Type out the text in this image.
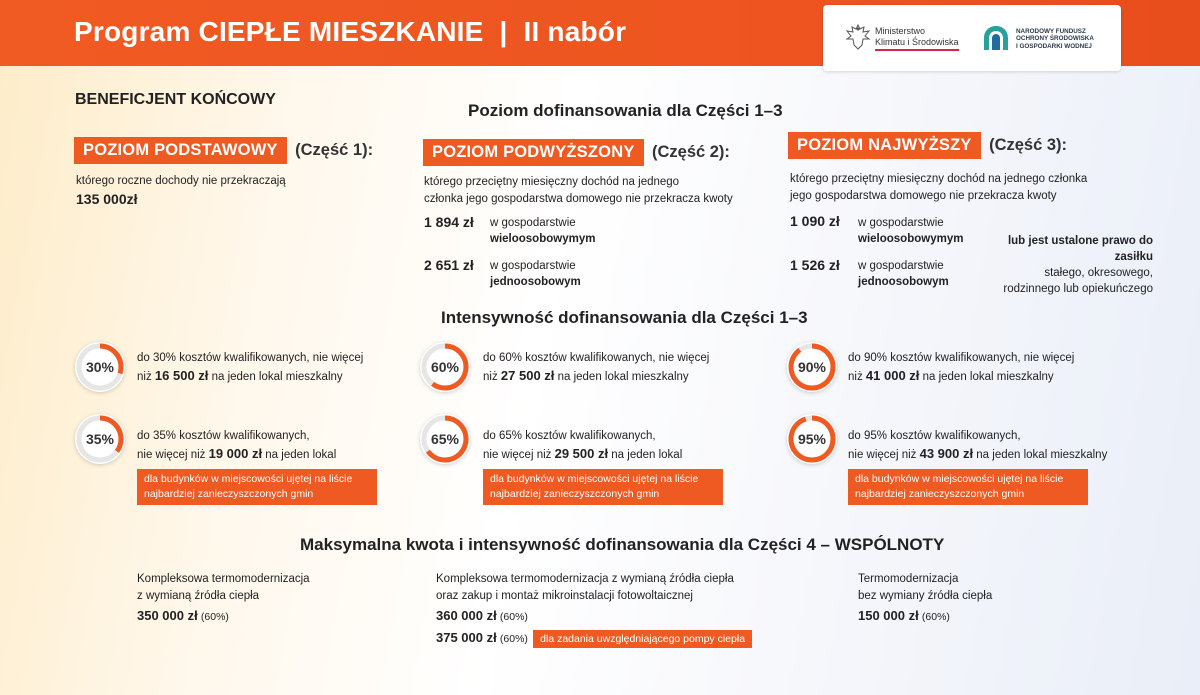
Program CIEPŁE MIESZKANIE  |  II nabór	Ministerstwo
Klimatu i Środowiska
NARODOWY FUNDUSZ
OCHRONY ŚRODOWISKA
I GOSPODARKI WODNEJ
BENEFICJENT KOŃCOWY
Poziom dofinansowania dla Części 1–3
POZIOM PODSTAWOWY (Część 1):
którego roczne dochody nie przekraczają
135 000zł
POZIOM PODWYŻSZONY (Część 2):
którego przeciętny miesięczny dochód na jednego
członka jego gospodarstwa domowego nie przekracza kwoty
1 894 zł w gospodarstwie
wieloosobowymym
2 651 zł w gospodarstwie
jednoosobowym
POZIOM NAJWYŻSZY (Część 3):
którego przeciętny miesięczny dochód na jednego członka
jego gospodarstwa domowego nie przekracza kwoty
1 090 zł w gospodarstwie
wieloosobowymym
1 526 zł w gospodarstwie
jednoosobowym
lub jest ustalone prawo do zasiłku
stałego, okresowego,
rodzinnego lub opiekuńczego
Intensywność dofinansowania dla Części 1–3
30%
do 30% kosztów kwalifikowanych, nie więcej
niż 16 500 zł na jeden lokal mieszkalny
60%
do 60% kosztów kwalifikowanych, nie więcej
niż 27 500 zł na jeden lokal mieszkalny
90%
do 90% kosztów kwalifikowanych, nie więcej
niż 41 000 zł na jeden lokal mieszkalny
35%	do 35% kosztów kwalifikowanych,
nie więcej niż 19 000 zł na jeden lokal
dla budynków w miejscowości ujętej na liście
najbardziej zanieczyszczonych gmin
65%	do 65% kosztów kwalifikowanych,
nie więcej niż 29 500 zł na jeden lokal
dla budynków w miejscowości ujętej na liście
najbardziej zanieczyszczonych gmin
95%	do 95% kosztów kwalifikowanych,
nie więcej niż 43 900 zł na jeden lokal mieszkalny
dla budynków w miejscowości ujętej na liście
najbardziej zanieczyszczonych gmin
Maksymalna kwota i intensywność dofinansowania dla Części 4 – WSPÓLNOTY
Kompleksowa termomodernizacja
z wymianą źródła ciepła
350 000 zł (60%)
Kompleksowa termomodernizacja z wymianą źródła ciepła
oraz zakup i montaż mikroinstalacji fotowoltaicznej
360 000 zł (60%)
375 000 zł (60%) dla zadania uwzględniającego pompy ciepła
Termomodernizacja
bez wymiany źródła ciepła
150 000 zł (60%)
